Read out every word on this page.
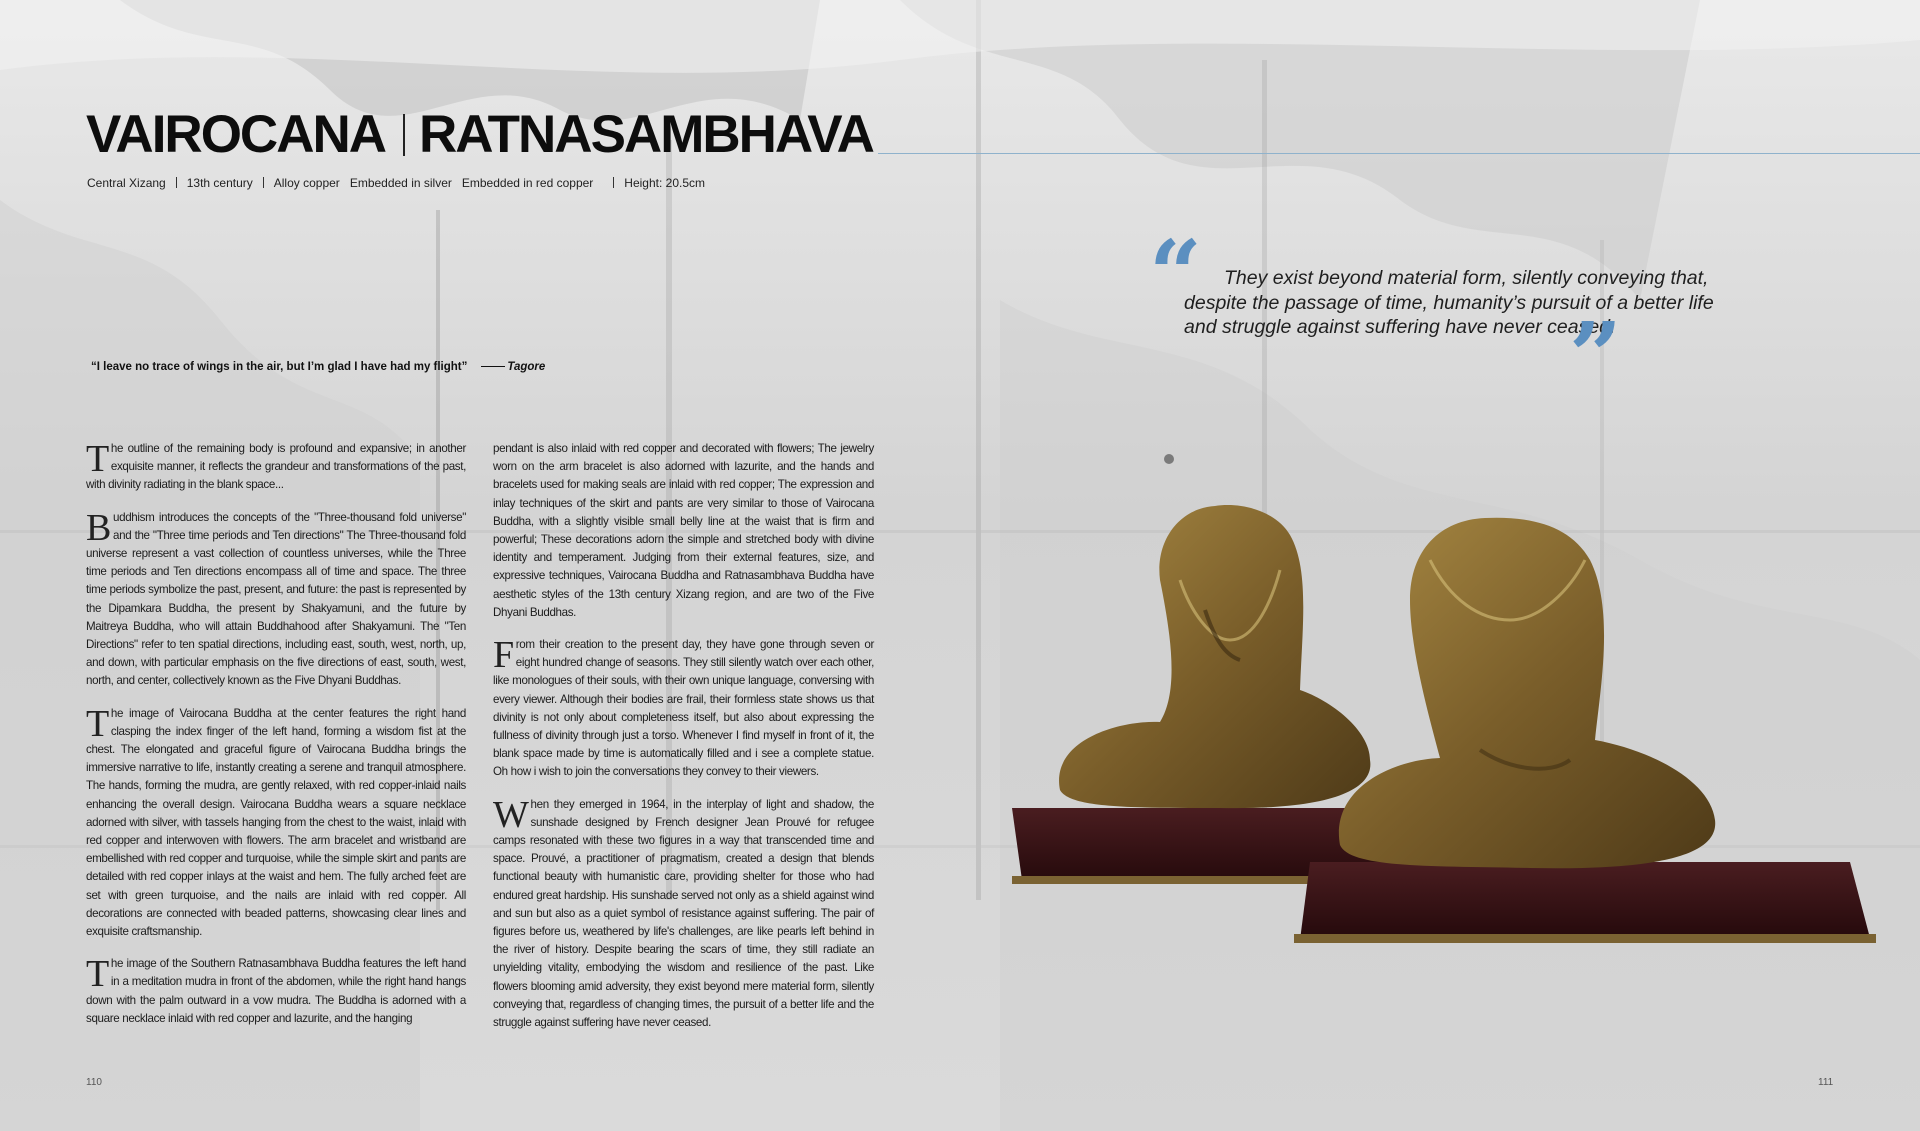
VAIROCANA RATNASAMBHAVA
Central Xizang 13th century Alloy copper Embedded in silver Embedded in red copper	Height: 20.5cm
“I leave no trace of wings in the air, but I’m glad I have had my flight”	Tagore
“	They exist beyond material form, silently conveying that, despite the passage of time, humanity’s pursuit of a better life and struggle against suffering have never ceased.
”

The outline of the remaining body is profound and expansive; in another exquisite manner, it reflects the grandeur and transformations of the past, with divinity radiating in the blank space...

Buddhism introduces the concepts of the "Three-thousand fold universe" and the "Three time periods and Ten directions" The Three-thousand fold universe represent a vast collection of countless universes, while the Three time periods and Ten directions encompass all of time and space. The three time periods symbolize the past, present, and future: the past is represented by the Dipamkara Buddha, the present by Shakyamuni, and the future by Maitreya Buddha, who will attain Buddhahood after Shakyamuni. The "Ten Directions" refer to ten spatial directions, including east, south, west, north, up, and down, with particular emphasis on the five directions of east, south, west, north, and center, collectively known as the Five Dhyani Buddhas.

The image of Vairocana Buddha at the center features the right hand clasping the index finger of the left hand, forming a wisdom fist at the chest. The elongated and graceful figure of Vairocana Buddha brings the immersive narrative to life, instantly creating a serene and tranquil atmosphere. The hands, forming the mudra, are gently relaxed, with red copper-inlaid nails enhancing the overall design. Vairocana Buddha wears a square necklace adorned with silver, with tassels hanging from the chest to the waist, inlaid with red copper and interwoven with flowers. The arm bracelet and wristband are embellished with red copper and turquoise, while the simple skirt and pants are detailed with red copper inlays at the waist and hem. The fully arched feet are set with green turquoise, and the nails are inlaid with red copper. All decorations are connected with beaded patterns, showcasing clear lines and exquisite craftsmanship.

The image of the Southern Ratnasambhava Buddha features the left hand in a meditation mudra in front of the abdomen, while the right hand hangs down with the palm outward in a vow mudra. The Buddha is adorned with a square necklace inlaid with red copper and lazurite, and the hanging

pendant is also inlaid with red copper and decorated with flowers; The jewelry worn on the arm bracelet is also adorned with lazurite, and the hands and bracelets used for making seals are inlaid with red copper; The expression and inlay techniques of the skirt and pants are very similar to those of Vairocana Buddha, with a slightly visible small belly line at the waist that is firm and powerful; These decorations adorn the simple and stretched body with divine identity and temperament. Judging from their external features, size, and expressive techniques, Vairocana Buddha and Ratnasambhava Buddha have aesthetic styles of the 13th century Xizang region, and are two of the Five Dhyani Buddhas.

From their creation to the present day, they have gone through seven or eight hundred change of seasons. They still silently watch over each other, like monologues of their souls, with their own unique language, conversing with every viewer. Although their bodies are frail, their formless state shows us that divinity is not only about completeness itself, but also about expressing the fullness of divinity through just a torso. Whenever I find myself in front of it, the blank space made by time is automatically filled and i see a complete statue. Oh how i wish to join the conversations they convey to their viewers.

When they emerged in 1964, in the interplay of light and shadow, the sunshade designed by French designer Jean Prouvé for refugee camps resonated with these two figures in a way that transcended time and space. Prouvé, a practitioner of pragmatism, created a design that blends functional beauty with humanistic care, providing shelter for those who had endured great hardship. His sunshade served not only as a shield against wind and sun but also as a quiet symbol of resistance against suffering. The pair of figures before us, weathered by life's challenges, are like pearls left behind in the river of history. Despite bearing the scars of time, they still radiate an unyielding vitality, embodying the wisdom and resilience of the past. Like flowers blooming amid adversity, they exist beyond mere material form, silently conveying that, regardless of changing times, the pursuit of a better life and the struggle against suffering have never ceased.

110	111
